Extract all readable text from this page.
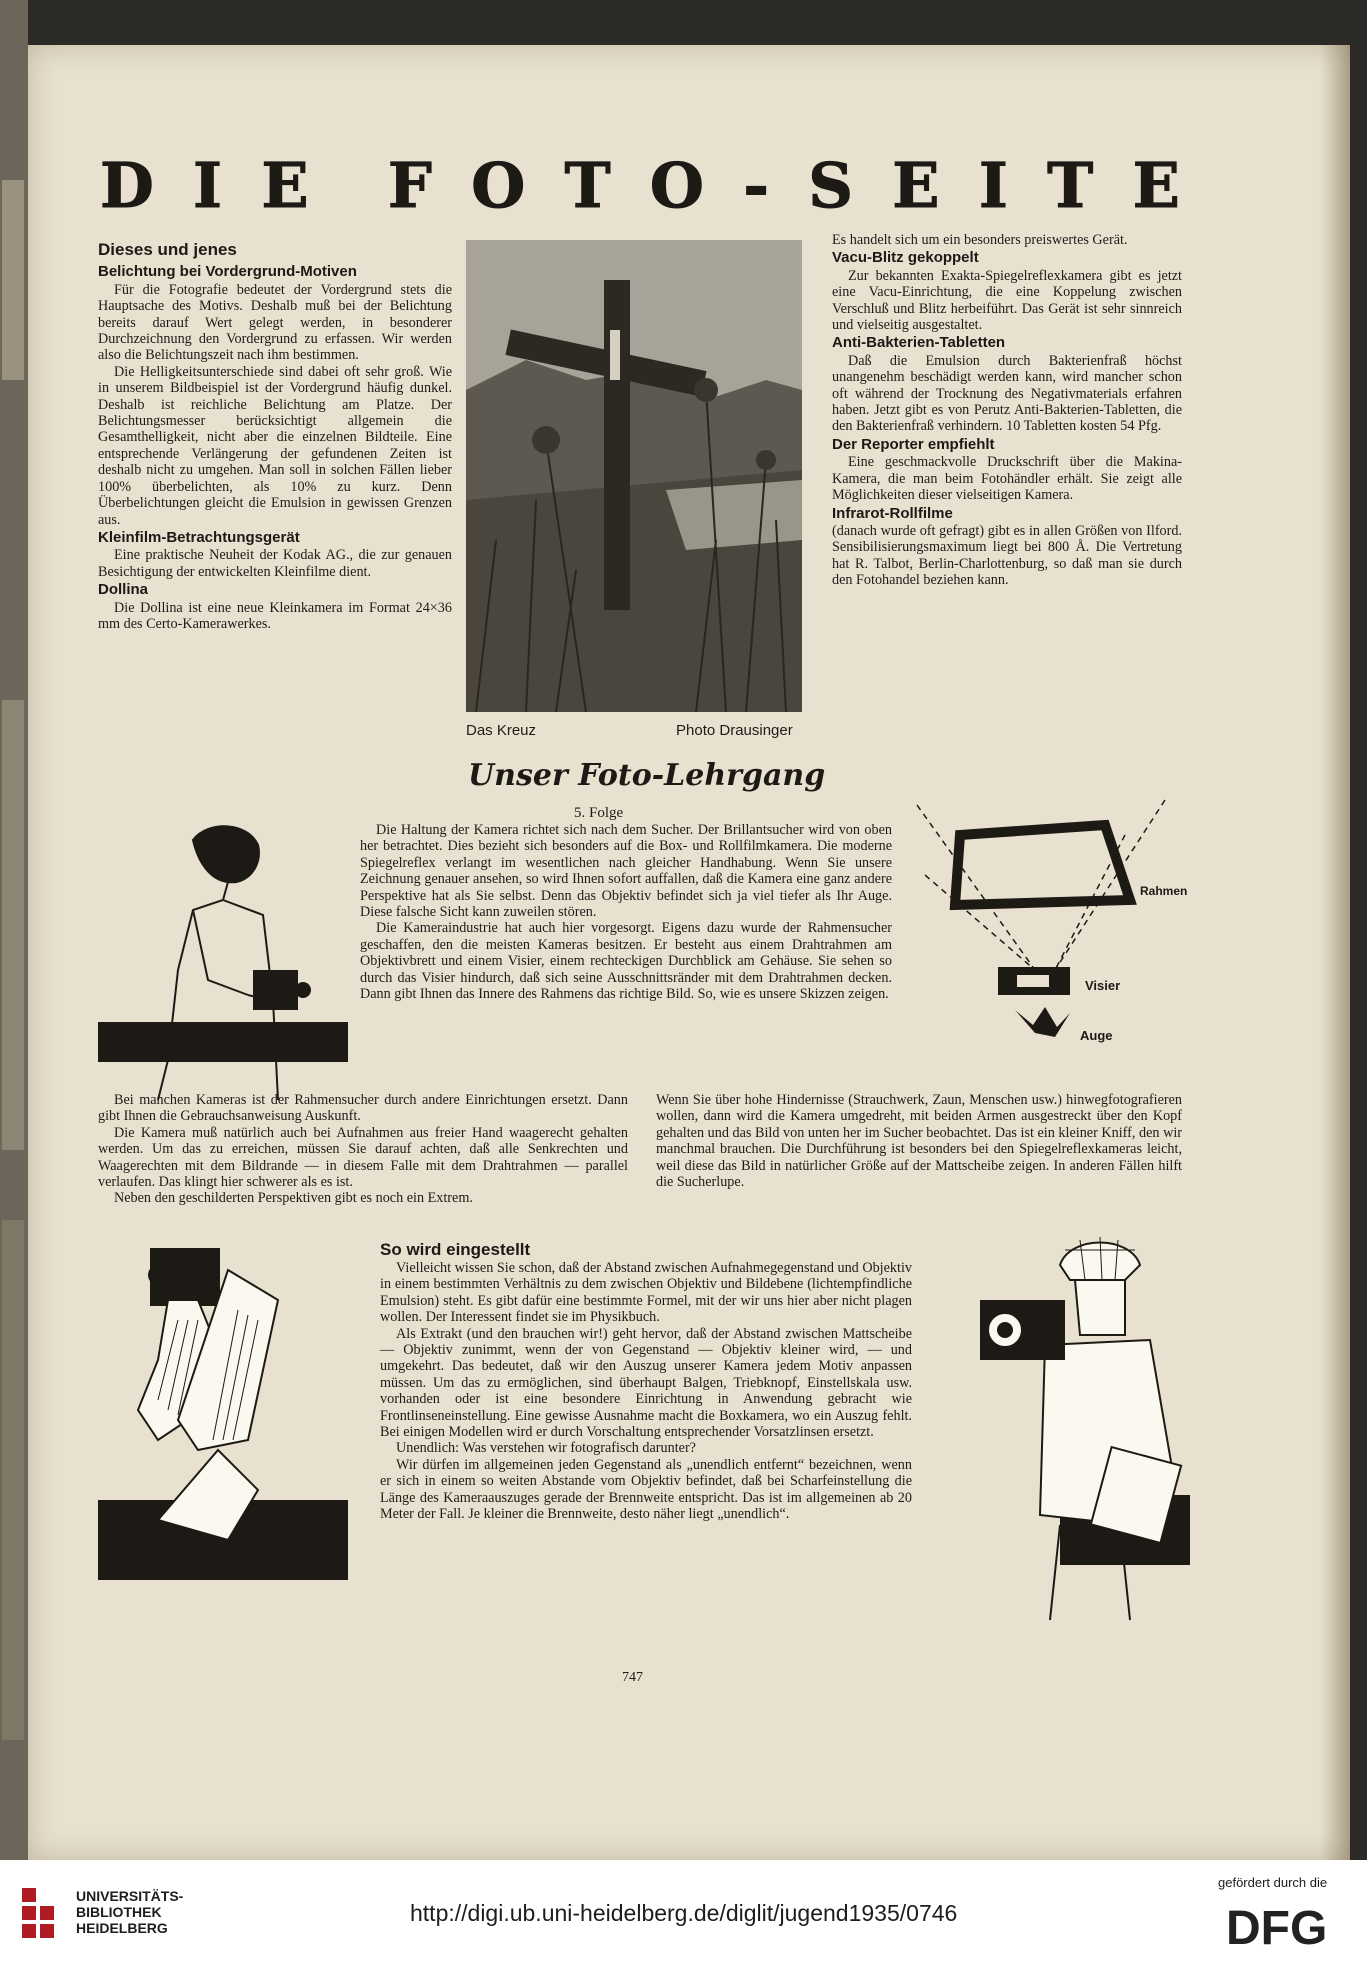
D I E F O T O - S E I T E
Dieses und jenes
Belichtung bei Vordergrund-Motiven

Für die Fotografie bedeutet der Vordergrund stets die Hauptsache des Motivs. Deshalb muß bei der Belichtung bereits darauf Wert gelegt werden, in besonderer Durchzeichnung den Vordergrund zu erfassen. Wir werden also die Belichtungszeit nach ihm bestimmen.

Die Helligkeitsunterschiede sind dabei oft sehr groß. Wie in unserem Bildbeispiel ist der Vordergrund häufig dunkel. Deshalb ist reichliche Belichtung am Platze. Der Belichtungsmesser berücksichtigt allgemein die Gesamthelligkeit, nicht aber die einzelnen Bildteile. Eine entsprechende Verlängerung der gefundenen Zeiten ist deshalb nicht zu umgehen. Man soll in solchen Fällen lieber 100% überbelichten, als 10% zu kurz. Denn Überbelichtungen gleicht die Emulsion in gewissen Grenzen aus.

Kleinfilm-Betrachtungsgerät

Eine praktische Neuheit der Kodak AG., die zur genauen Besichtigung der entwickelten Kleinfilme dient.

Dollina

Die Dollina ist eine neue Kleinkamera im Format 24×36 mm des Certo-Kamerawerkes.

Das Kreuz	Photo Drausinger

Es handelt sich um ein besonders preiswertes Gerät.

Vacu-Blitz gekoppelt

Zur bekannten Exakta-Spiegelreflexkamera gibt es jetzt eine Vacu-Einrichtung, die eine Koppelung zwischen Verschluß und Blitz herbeiführt. Das Gerät ist sehr sinnreich und vielseitig ausgestaltet.

Anti-Bakterien-Tabletten

Daß die Emulsion durch Bakterienfraß höchst unangenehm beschädigt werden kann, wird mancher schon oft während der Trocknung des Negativmaterials erfahren haben. Jetzt gibt es von Perutz Anti-Bakterien-Tabletten, die den Bakterienfraß verhindern. 10 Tabletten kosten 54 Pfg.

Der Reporter empfiehlt

Eine geschmackvolle Druckschrift über die Makina-Kamera, die man beim Fotohändler erhält. Sie zeigt alle Möglichkeiten dieser vielseitigen Kamera.

Infrarot-Rollfilme

(danach wurde oft gefragt) gibt es in allen Größen von Ilford. Sensibilisierungsmaximum liegt bei 800 Å. Die Vertretung hat R. Talbot, Berlin-Charlottenburg, so daß man sie durch den Fotohandel beziehen kann.

Unser Foto-Lehrgang
5. Folge
Rahmen
Visier
Auge

Die Haltung der Kamera richtet sich nach dem Sucher. Der Brillantsucher wird von oben her betrachtet. Dies bezieht sich besonders auf die Box- und Rollfilmkamera. Die moderne Spiegelreflex verlangt im wesentlichen nach gleicher Handhabung. Wenn Sie unsere Zeichnung genauer ansehen, so wird Ihnen sofort auffallen, daß die Kamera eine ganz andere Perspektive hat als Sie selbst. Denn das Objektiv befindet sich ja viel tiefer als Ihr Auge. Diese falsche Sicht kann zuweilen stören.

Die Kameraindustrie hat auch hier vorgesorgt. Eigens dazu wurde der Rahmensucher geschaffen, den die meisten Kameras besitzen. Er besteht aus einem Drahtrahmen am Objektivbrett und einem Visier, einem rechteckigen Durchblick am Gehäuse. Sie sehen so durch das Visier hindurch, daß sich seine Ausschnittsränder mit dem Drahtrahmen decken. Dann gibt Ihnen das Innere des Rahmens das richtige Bild. So, wie es unsere Skizzen zeigen.

Bei manchen Kameras ist der Rahmensucher durch andere Einrichtungen ersetzt. Dann gibt Ihnen die Gebrauchsanweisung Auskunft.

Die Kamera muß natürlich auch bei Aufnahmen aus freier Hand waagerecht gehalten werden. Um das zu erreichen, müssen Sie darauf achten, daß alle Senkrechten und Waagerechten mit dem Bildrande — in diesem Falle mit dem Drahtrahmen — parallel verlaufen. Das klingt hier schwerer als es ist.

Neben den geschilderten Perspektiven gibt es noch ein Extrem.

Wenn Sie über hohe Hindernisse (Strauchwerk, Zaun, Menschen usw.) hinwegfotografieren wollen, dann wird die Kamera umgedreht, mit beiden Armen ausgestreckt über den Kopf gehalten und das Bild von unten her im Sucher beobachtet. Das ist ein kleiner Kniff, den wir manchmal brauchen. Die Durchführung ist besonders bei den Spiegelreflexkameras leicht, weil diese das Bild in natürlicher Größe auf der Mattscheibe zeigen. In anderen Fällen hilft die Sucherlupe.

So wird eingestellt

Vielleicht wissen Sie schon, daß der Abstand zwischen Aufnahmegegenstand und Objektiv in einem bestimmten Verhältnis zu dem zwischen Objektiv und Bildebene (lichtempfindliche Emulsion) steht. Es gibt dafür eine bestimmte Formel, mit der wir uns hier aber nicht plagen wollen. Der Interessent findet sie im Physikbuch.

Als Extrakt (und den brauchen wir!) geht hervor, daß der Abstand zwischen Mattscheibe — Objektiv zunimmt, wenn der von Gegenstand — Objektiv kleiner wird, — und umgekehrt. Das bedeutet, daß wir den Auszug unserer Kamera jedem Motiv anpassen müssen. Um das zu ermöglichen, sind überhaupt Balgen, Triebknopf, Einstellskala usw. vorhanden oder ist eine besondere Einrichtung in Anwendung gebracht wie Frontlinseneinstellung. Eine gewisse Ausnahme macht die Boxkamera, wo ein Auszug fehlt. Bei einigen Modellen wird er durch Vorschaltung entsprechender Vorsatzlinsen ersetzt.

Unendlich: Was verstehen wir fotografisch darunter?

Wir dürfen im allgemeinen jeden Gegenstand als „unendlich entfernt“ bezeichnen, wenn er sich in einem so weiten Abstande vom Objektiv befindet, daß bei Scharfeinstellung die Länge des Kameraauszuges gerade der Brennweite entspricht. Das ist im allgemeinen ab 20 Meter der Fall. Je kleiner die Brennweite, desto näher liegt „unendlich“.

747
UNIVERSITÄTS-
BIBLIOTHEK
HEIDELBERG
http://digi.ub.uni-heidelberg.de/diglit/jugend1935/0746
gefördert durch die
DFG
